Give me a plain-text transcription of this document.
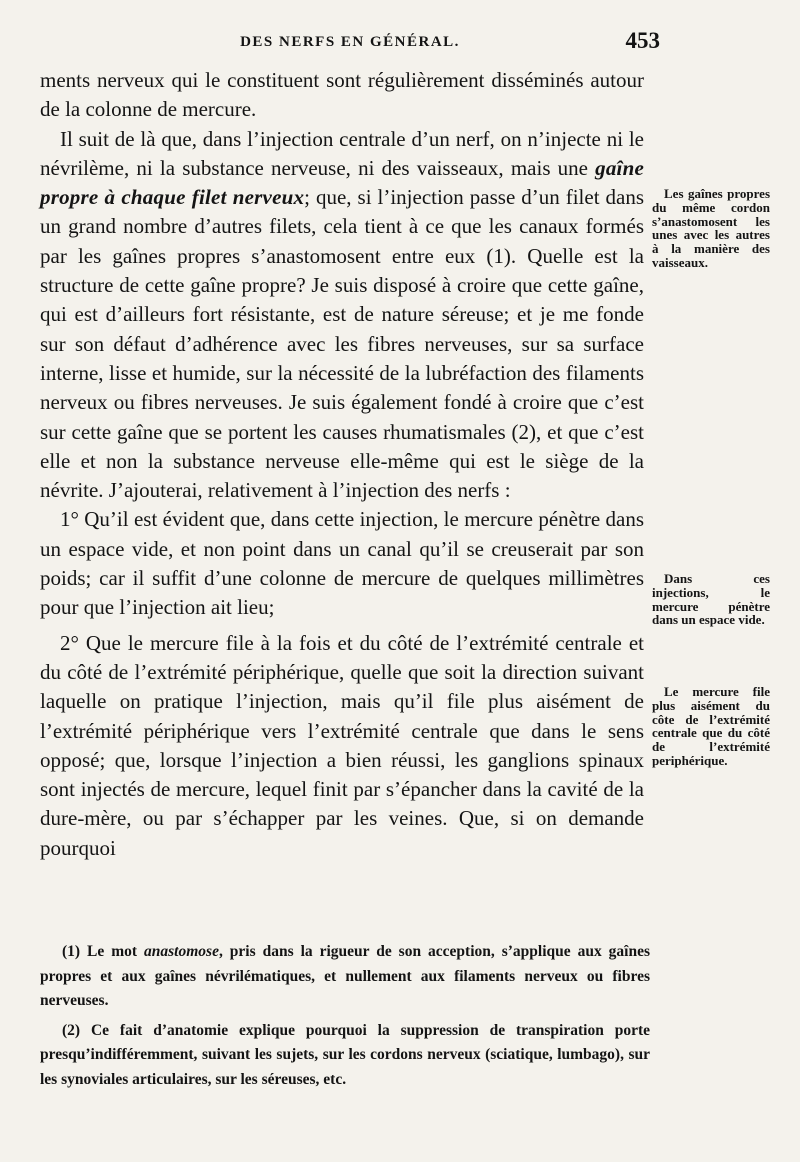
DES NERFS EN GÉNÉRAL.	453

ments nerveux qui le constituent sont régulièrement disséminés autour de la colonne de mercure.

Il suit de là que, dans l’injection centrale d’un nerf, on n’injecte ni le névrilème, ni la substance nerveuse, ni des vaisseaux, mais une gaîne propre à chaque filet nerveux; que, si l’injection passe d’un filet dans un grand nombre d’autres filets, cela tient à ce que les canaux formés par les gaînes propres s’anastomosent entre eux (1). Quelle est la structure de cette gaîne propre? Je suis disposé à croire que cette gaîne, qui est d’ailleurs fort résistante, est de nature séreuse; et je me fonde sur son défaut d’adhérence avec les fibres nerveuses, sur sa surface interne, lisse et humide, sur la nécessité de la lubréfaction des filaments nerveux ou fibres nerveuses. Je suis également fondé à croire que c’est sur cette gaîne que se portent les causes rhumatismales (2), et que c’est elle et non la substance nerveuse elle-même qui est le siège de la névrite. J’ajouterai, relativement à l’injection des nerfs :

1° Qu’il est évident que, dans cette injection, le mercure pénètre dans un espace vide, et non point dans un canal qu’il se creuserait par son poids; car il suffit d’une colonne de mercure de quelques millimètres pour que l’injection ait lieu;

2° Que le mercure file à la fois et du côté de l’extrémité centrale et du côté de l’extrémité périphérique, quelle que soit la direction suivant laquelle on pratique l’injection, mais qu’il file plus aisément de l’extrémité périphérique vers l’extrémité centrale que dans le sens opposé; que, lorsque l’injection a bien réussi, les ganglions spinaux sont injectés de mercure, lequel finit par s’épancher dans la cavité de la dure-mère, ou par s’échapper par les veines. Que, si on demande pourquoi

Les gaînes propres du même cordon s’anastomosent les unes avec les autres à la manière des vaisseaux.
Dans ces injections, le mercure pénètre dans un espace vide.
Le mercure file plus aisément du côte de l’extrémité centrale que du côté de l’extrémité periphérique.

(1) Le mot anastomose, pris dans la rigueur de son acception, s’applique aux gaînes propres et aux gaînes névrilématiques, et nullement aux filaments nerveux ou fibres nerveuses.

(2) Ce fait d’anatomie explique pourquoi la suppression de transpiration porte presqu’indifféremment, suivant les sujets, sur les cordons nerveux (sciatique, lumbago), sur les synoviales articulaires, sur les séreuses, etc.
